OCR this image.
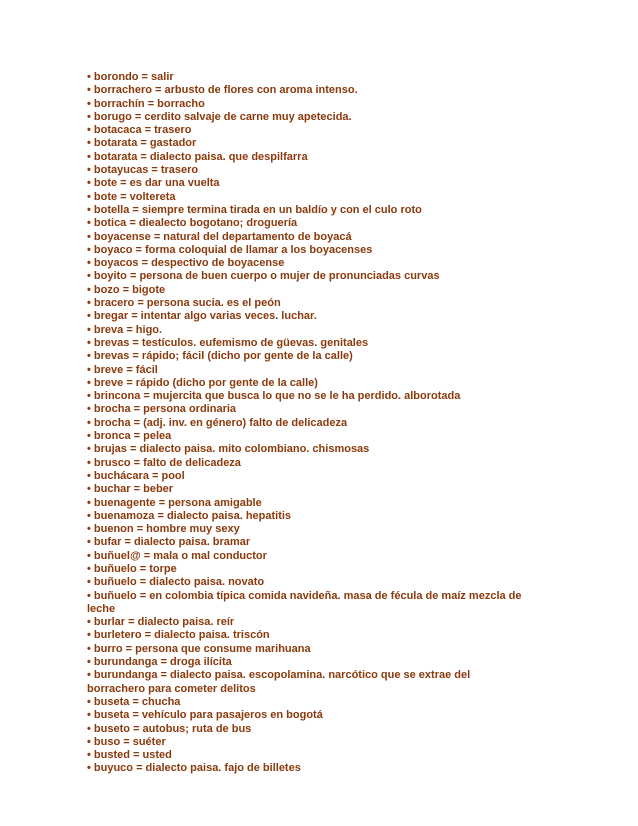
• borondo = salir
• borrachero = arbusto de flores con aroma intenso.
• borrachín = borracho
• borugo = cerdito salvaje de carne muy apetecida.
• botacaca = trasero
• botarata = gastador
• botarata = dialecto paisa. que despilfarra
• botayucas = trasero
• bote = es dar una vuelta
• bote = voltereta
• botella = siempre termina tirada en un baldío y con el culo roto
• botica = diealecto bogotano; droguería
• boyacense = natural del departamento de boyacá
• boyaco = forma coloquial de llamar a los boyacenses
• boyacos = despectivo de boyacense
• boyito = persona de buen cuerpo o mujer de pronunciadas curvas
• bozo = bigote
• bracero = persona sucia. es el peón
• bregar = intentar algo varias veces. luchar.
• breva = higo.
• brevas = testículos. eufemismo de güevas. genitales
• brevas = rápido; fácil (dicho por gente de la calle)
• breve = fácil
• breve = rápido (dicho por gente de la calle)
• brincona = mujercita que busca lo que no se le ha perdido. alborotada
• brocha = persona ordinaria
• brocha = (adj. inv. en género) falto de delicadeza
• bronca = pelea
• brujas = dialecto paisa. mito colombiano. chismosas
• brusco = falto de delicadeza
• buchácara = pool
• buchar = beber
• buenagente = persona amigable
• buenamoza = dialecto paisa. hepatitis
• buenon = hombre muy sexy
• bufar = dialecto paisa. bramar
• buñuel@ = mala o mal conductor
• buñuelo = torpe
• buñuelo = dialecto paisa. novato
• buñuelo = en colombia típica comida navideña. masa de fécula de maíz mezcla de leche
• burlar = dialecto paisa. reír
• burletero = dialecto paisa. triscón
• burro = persona que consume marihuana
• burundanga = droga ilícita
• burundanga = dialecto paisa. escopolamina. narcótico que se extrae del borrachero para cometer delitos
• buseta = chucha
• buseta = vehículo para pasajeros en bogotá
• buseto = autobus; ruta de bus
• buso = suéter
• busted = usted
• buyuco = dialecto paisa. fajo de billetes
